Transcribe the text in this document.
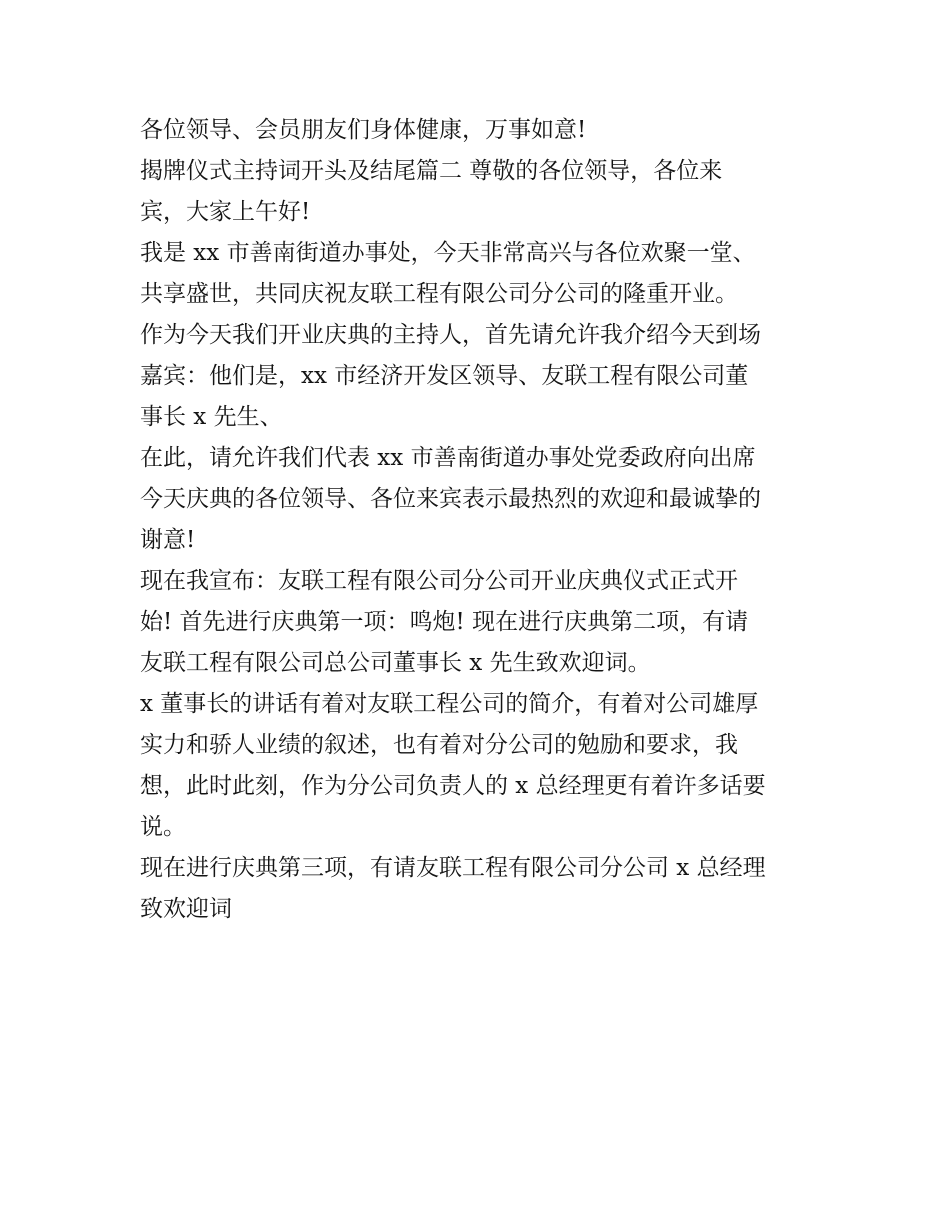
各位领导、会员朋友们身体健康，万事如意!
揭牌仪式主持词开头及结尾篇二 尊敬的各位领导，各位来
宾，大家上午好!
我是 xx 市善南街道办事处，今天非常高兴与各位欢聚一堂、
共享盛世，共同庆祝友联工程有限公司分公司的隆重开业。
作为今天我们开业庆典的主持人，首先请允许我介绍今天到场
嘉宾：他们是，xx 市经济开发区领导、友联工程有限公司董
事长 x 先生、
在此，请允许我们代表 xx 市善南街道办事处党委政府向出席
今天庆典的各位领导、各位来宾表示最热烈的欢迎和最诚挚的
谢意!
现在我宣布：友联工程有限公司分公司开业庆典仪式正式开
始! 首先进行庆典第一项：鸣炮! 现在进行庆典第二项，有请
友联工程有限公司总公司董事长 x 先生致欢迎词。
x 董事长的讲话有着对友联工程公司的简介，有着对公司雄厚
实力和骄人业绩的叙述，也有着对分公司的勉励和要求，我
想，此时此刻，作为分公司负责人的 x 总经理更有着许多话要
说。
现在进行庆典第三项，有请友联工程有限公司分公司 x 总经理
致欢迎词
